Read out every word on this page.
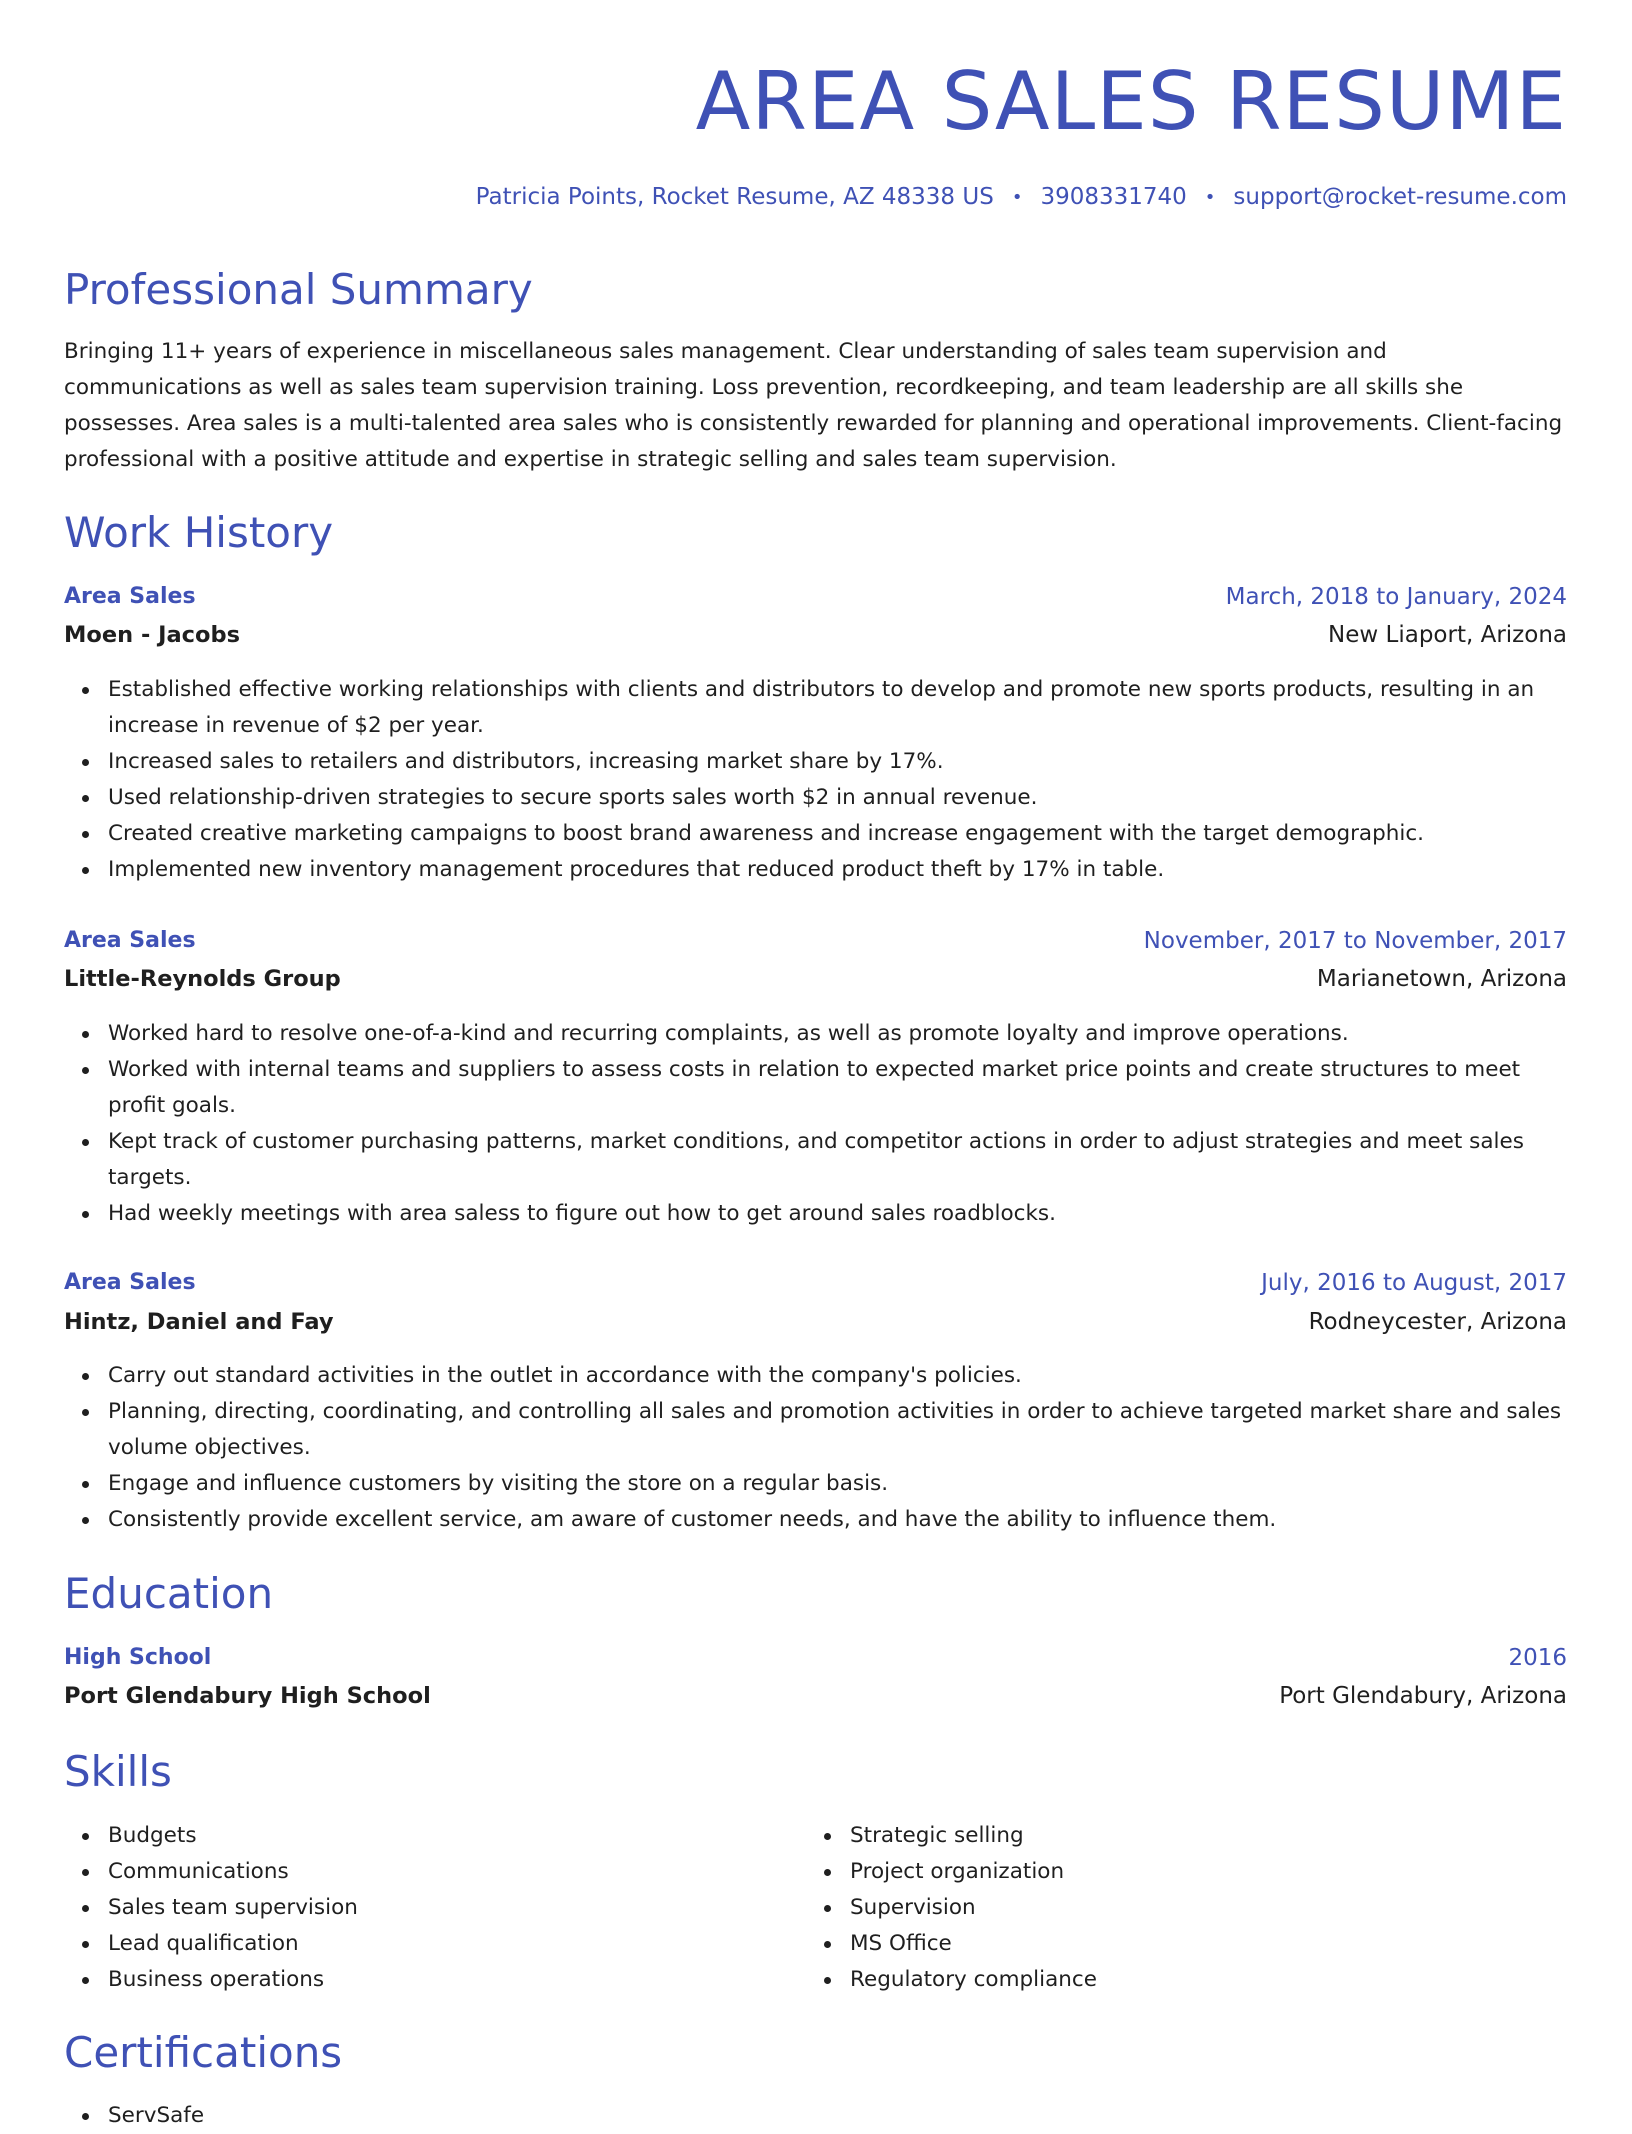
AREA SALES RESUME
Patricia Points, Rocket Resume, AZ 48338 US • 3908331740 • support@rocket-resume.com
Professional Summary

Bringing 11+ years of experience in miscellaneous sales management. Clear understanding of sales team supervision and communications as well as sales team supervision training. Loss prevention, recordkeeping, and team leadership are all skills she possesses. Area sales is a multi-talented area sales who is consistently rewarded for planning and operational improvements. Client-facing professional with a positive attitude and expertise in strategic selling and sales team supervision.

Work History
Area Sales	March, 2018 to January, 2024
Moen - Jacobs	New Liaport, Arizona
Established effective working relationships with clients and distributors to develop and promote new sports products, resulting in an increase in revenue of $2 per year.
Increased sales to retailers and distributors, increasing market share by 17%.
Used relationship-driven strategies to secure sports sales worth $2 in annual revenue.
Created creative marketing campaigns to boost brand awareness and increase engagement with the target demographic.
Implemented new inventory management procedures that reduced product theft by 17% in table.
Area Sales	November, 2017 to November, 2017
Little-Reynolds Group	Marianetown, Arizona
Worked hard to resolve one-of-a-kind and recurring complaints, as well as promote loyalty and improve operations.
Worked with internal teams and suppliers to assess costs in relation to expected market price points and create structures to meet profit goals.
Kept track of customer purchasing patterns, market conditions, and competitor actions in order to adjust strategies and meet sales targets.
Had weekly meetings with area saless to figure out how to get around sales roadblocks.
Area Sales	July, 2016 to August, 2017
Hintz, Daniel and Fay	Rodneycester, Arizona
Carry out standard activities in the outlet in accordance with the company's policies.
Planning, directing, coordinating, and controlling all sales and promotion activities in order to achieve targeted market share and sales volume objectives.
Engage and influence customers by visiting the store on a regular basis.
Consistently provide excellent service, am aware of customer needs, and have the ability to influence them.
Education
High School	2016
Port Glendabury High School	Port Glendabury, Arizona
Skills
Budgets
Communications
Sales team supervision
Lead qualification
Business operations
Strategic selling
Project organization
Supervision
MS Office
Regulatory compliance
Certifications
ServSafe
